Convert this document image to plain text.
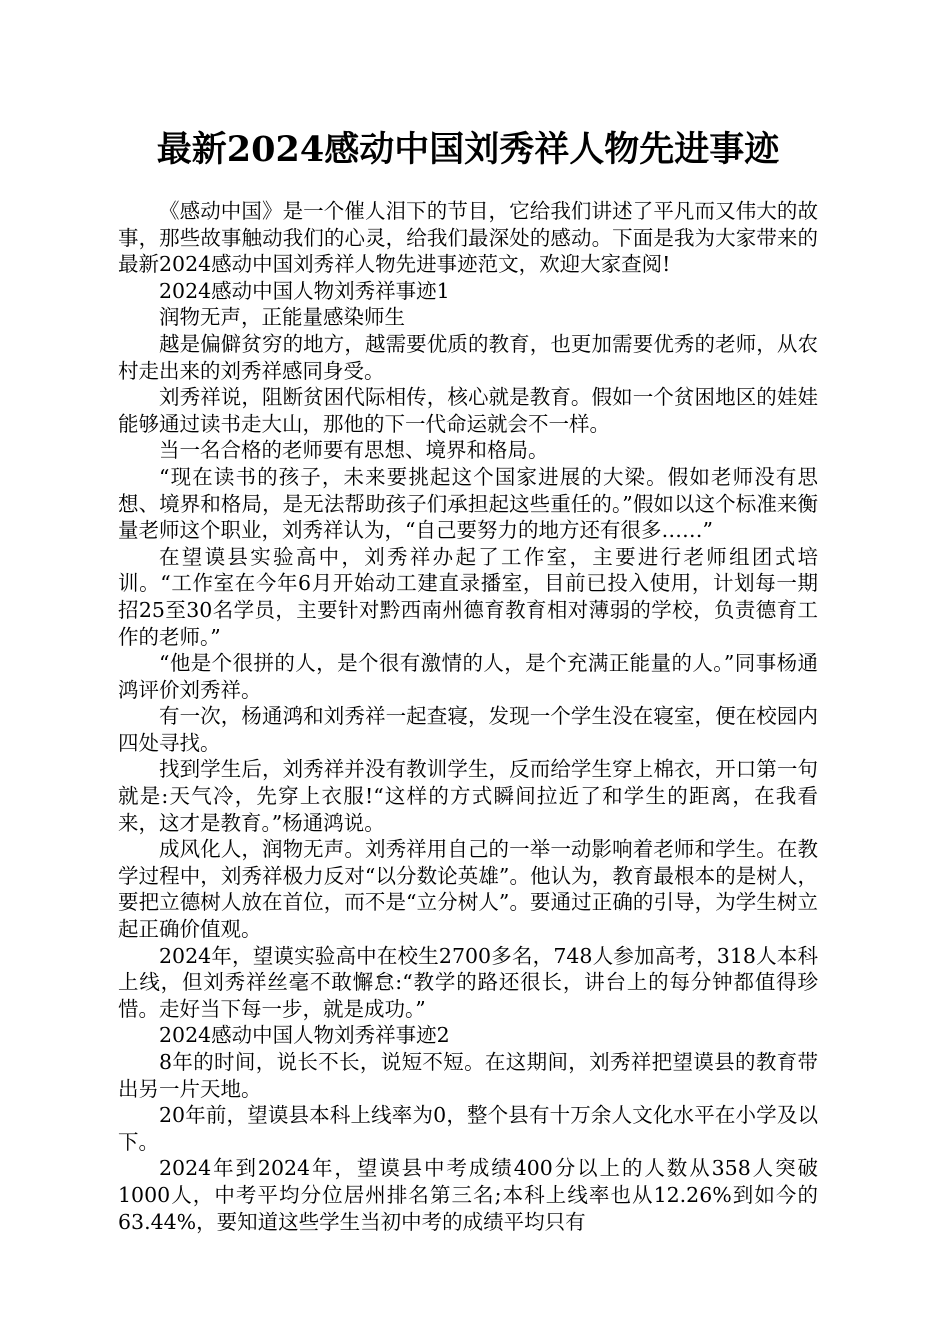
最新2024感动中国刘秀祥人物先进事迹

《感动中国》是一个催人泪下的节目，它给我们讲述了平凡而又伟大的故事，那些故事触动我们的心灵，给我们最深处的感动。下面是我为大家带来的最新2024感动中国刘秀祥人物先进事迹范文，欢迎大家查阅!

2024感动中国人物刘秀祥事迹1

润物无声，正能量感染师生

越是偏僻贫穷的地方，越需要优质的教育，也更加需要优秀的老师，从农村走出来的刘秀祥感同身受。

刘秀祥说，阻断贫困代际相传，核心就是教育。假如一个贫困地区的娃娃能够通过读书走大山，那他的下一代命运就会不一样。

当一名合格的老师要有思想、境界和格局。

“现在读书的孩子，未来要挑起这个国家进展的大梁。假如老师没有思想、境界和格局，是无法帮助孩子们承担起这些重任的。”假如以这个标准来衡量老师这个职业，刘秀祥认为，“自己要努力的地方还有很多……”

在望谟县实验高中，刘秀祥办起了工作室，主要进行老师组团式培训。“工作室在今年6月开始动工建直录播室，目前已投入使用，计划每一期招25至30名学员，主要针对黔西南州德育教育相对薄弱的学校，负责德育工作的老师。”

“他是个很拼的人，是个很有激情的人，是个充满正能量的人。”同事杨通鸿评价刘秀祥。

有一次，杨通鸿和刘秀祥一起查寝，发现一个学生没在寝室，便在校园内四处寻找。

找到学生后，刘秀祥并没有教训学生，反而给学生穿上棉衣，开口第一句就是:天气冷，先穿上衣服!“这样的方式瞬间拉近了和学生的距离，在我看来，这才是教育。”杨通鸿说。

成风化人，润物无声。刘秀祥用自己的一举一动影响着老师和学生。在教学过程中，刘秀祥极力反对“以分数论英雄”。他认为，教育最根本的是树人，要把立德树人放在首位，而不是“立分树人”。要通过正确的引导，为学生树立起正确价值观。

2024年，望谟实验高中在校生2700多名，748人参加高考，318人本科上线，但刘秀祥丝毫不敢懈怠:“教学的路还很长，讲台上的每分钟都值得珍惜。走好当下每一步，就是成功。”

2024感动中国人物刘秀祥事迹2

8年的时间，说长不长，说短不短。在这期间，刘秀祥把望谟县的教育带出另一片天地。

20年前，望谟县本科上线率为0，整个县有十万余人文化水平在小学及以下。

2024年到2024年，望谟县中考成绩400分以上的人数从358人突破1000人，中考平均分位居州排名第三名;本科上线率也从12.26%到如今的63.44%，要知道这些学生当初中考的成绩平均只有
